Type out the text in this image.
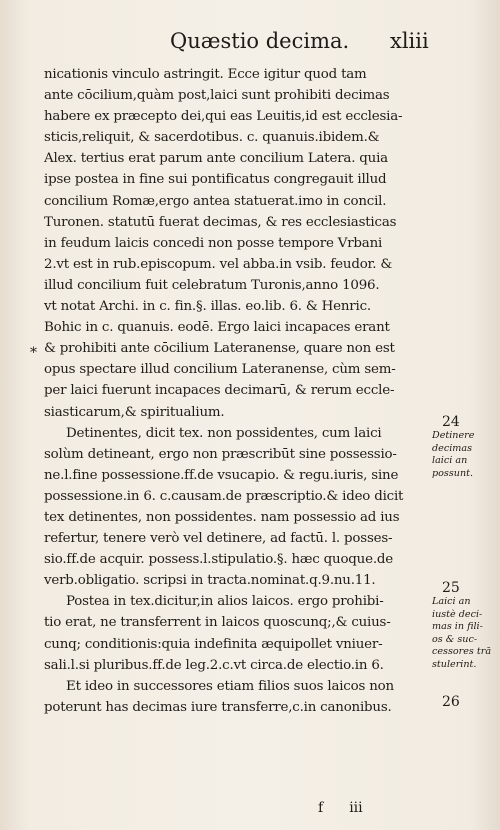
Quæstio decima. xliii
*
nicationis vinculo astringit. Ecce igitur quod tam
ante cōcilium,quàm post,laici sunt prohibiti decimas
habere ex præcepto dei,qui eas Leuitis,id est ecclesia-
sticis,reliquit, & sacerdotibus. c. quanuis.ibidem.&
Alex. tertius erat parum ante concilium Latera. quia
ipse postea in fine sui pontificatus congregauit illud
concilium Romæ,ergo antea statuerat.imo in concil.
Turonen. statutū fuerat decimas, & res ecclesiasticas
in feudum laicis concedi non posse tempore Vrbani
2.vt est in rub.episcopum. vel abba.in vsib. feudor. &
illud concilium fuit celebratum Turonis,anno 1096.
vt notat Archi. in c. fin.§. illas. eo.lib. 6. & Henric.
Bohic in c. quanuis. eodē. Ergo laici incapaces erant
& prohibiti ante cōcilium Lateranense, quare non est
opus spectare illud concilium Lateranense, cùm sem-
per laici fuerunt incapaces decimarū, & rerum eccle-
siasticarum,& spiritualium.
Detinentes, dicit tex. non possidentes, cum laici
solùm detineant, ergo non præscribūt sine possessio-
ne.l.fine possessione.ff.de vsucapio. & regu.iuris, sine
possessione.in 6. c.causam.de præscriptio.& ideo dicit
tex detinentes, non possidentes. nam possessio ad ius
refertur, tenere verò vel detinere, ad factū. l. posses-
sio.ff.de acquir. possess.l.stipulatio.§. hæc quoque.de
verb.obligatio. scripsi in tracta.nominat.q.9.nu.11.
Postea in tex.dicitur,in alios laicos. ergo prohibi-
tio erat, ne transferrent in laicos quoscunq;,& cuius-
cunq; conditionis:quia indefinita æquipollet vniuer-
sali.l.si pluribus.ff.de leg.2.c.vt circa.de electio.in 6.
Et ideo in successores etiam filios suos laicos non
poterunt has decimas iure transferre,c.in canonibus.
24
Detinere
decimas
laici an
possunt.
25
Laici an
iustè deci-
mas in fili-
os & suc-
cessores trā
stulerint.
26
f iii
